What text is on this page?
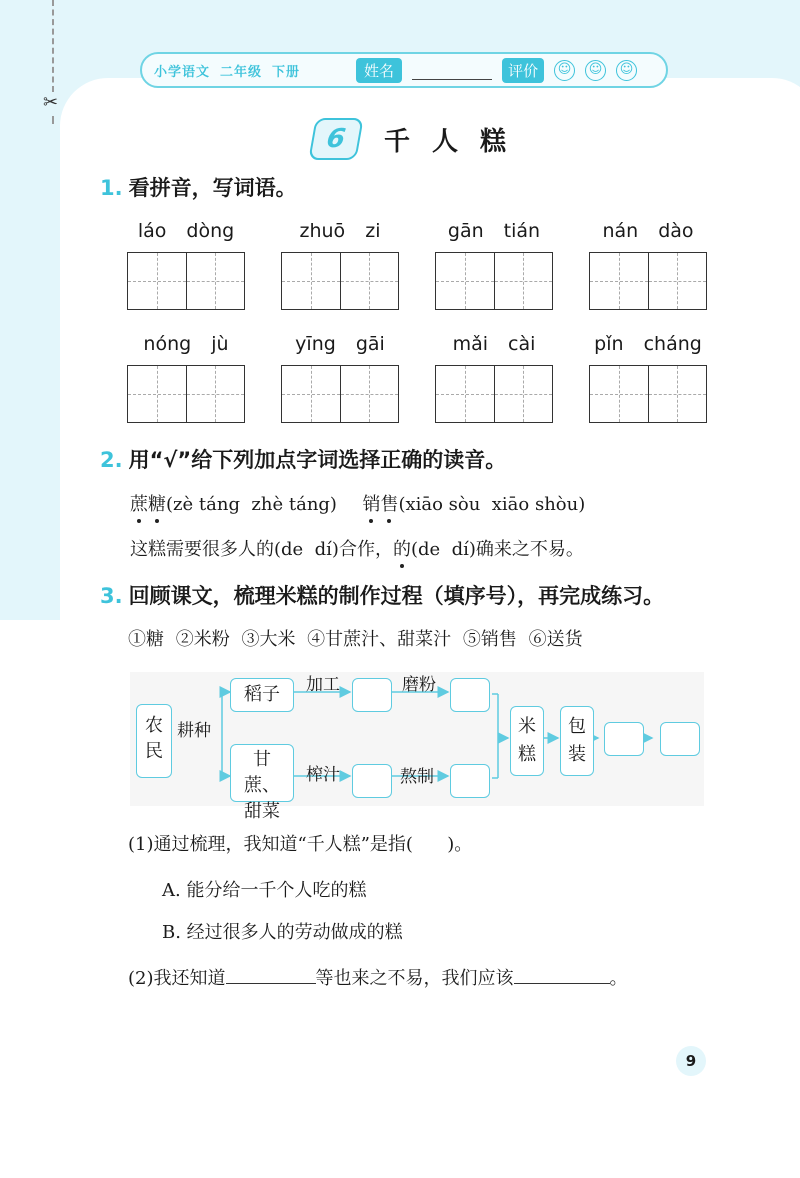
✂
小学语文 二年级 下册	姓名	评价	☺ ☺ ☺
6	千人糕
1. 看拼音，写词语。
láo dòng	zhuō zi	gān tián	nán dào
nóng jù	yīng gāi	mǎi cài	pǐn cháng
2. 用“√”给下列加点字词选择正确的读音。
蔗糖(zè táng  zhè táng) 销售(xiāo sòu  xiāo shòu)
这糕需要很多人的(de  dí)合作，的(de  dí)确来之不易。
3. 回顾课文，梳理米糕的制作过程（填序号），再完成练习。
①糖 ②米粉 ③大米 ④甘蔗汁、甜菜汁 ⑤销售 ⑥送货
农民
耕种
稻子	加工	磨粉
甘蔗、甜菜
榨汁	熬制
米糕
包装
(1)通过梳理，我知道“千人糕”是指(      )。
A. 能分给一千个人吃的糕
B. 经过很多人的劳动做成的糕
(2)我还知道	等也来之不易，我们应该	。
9
